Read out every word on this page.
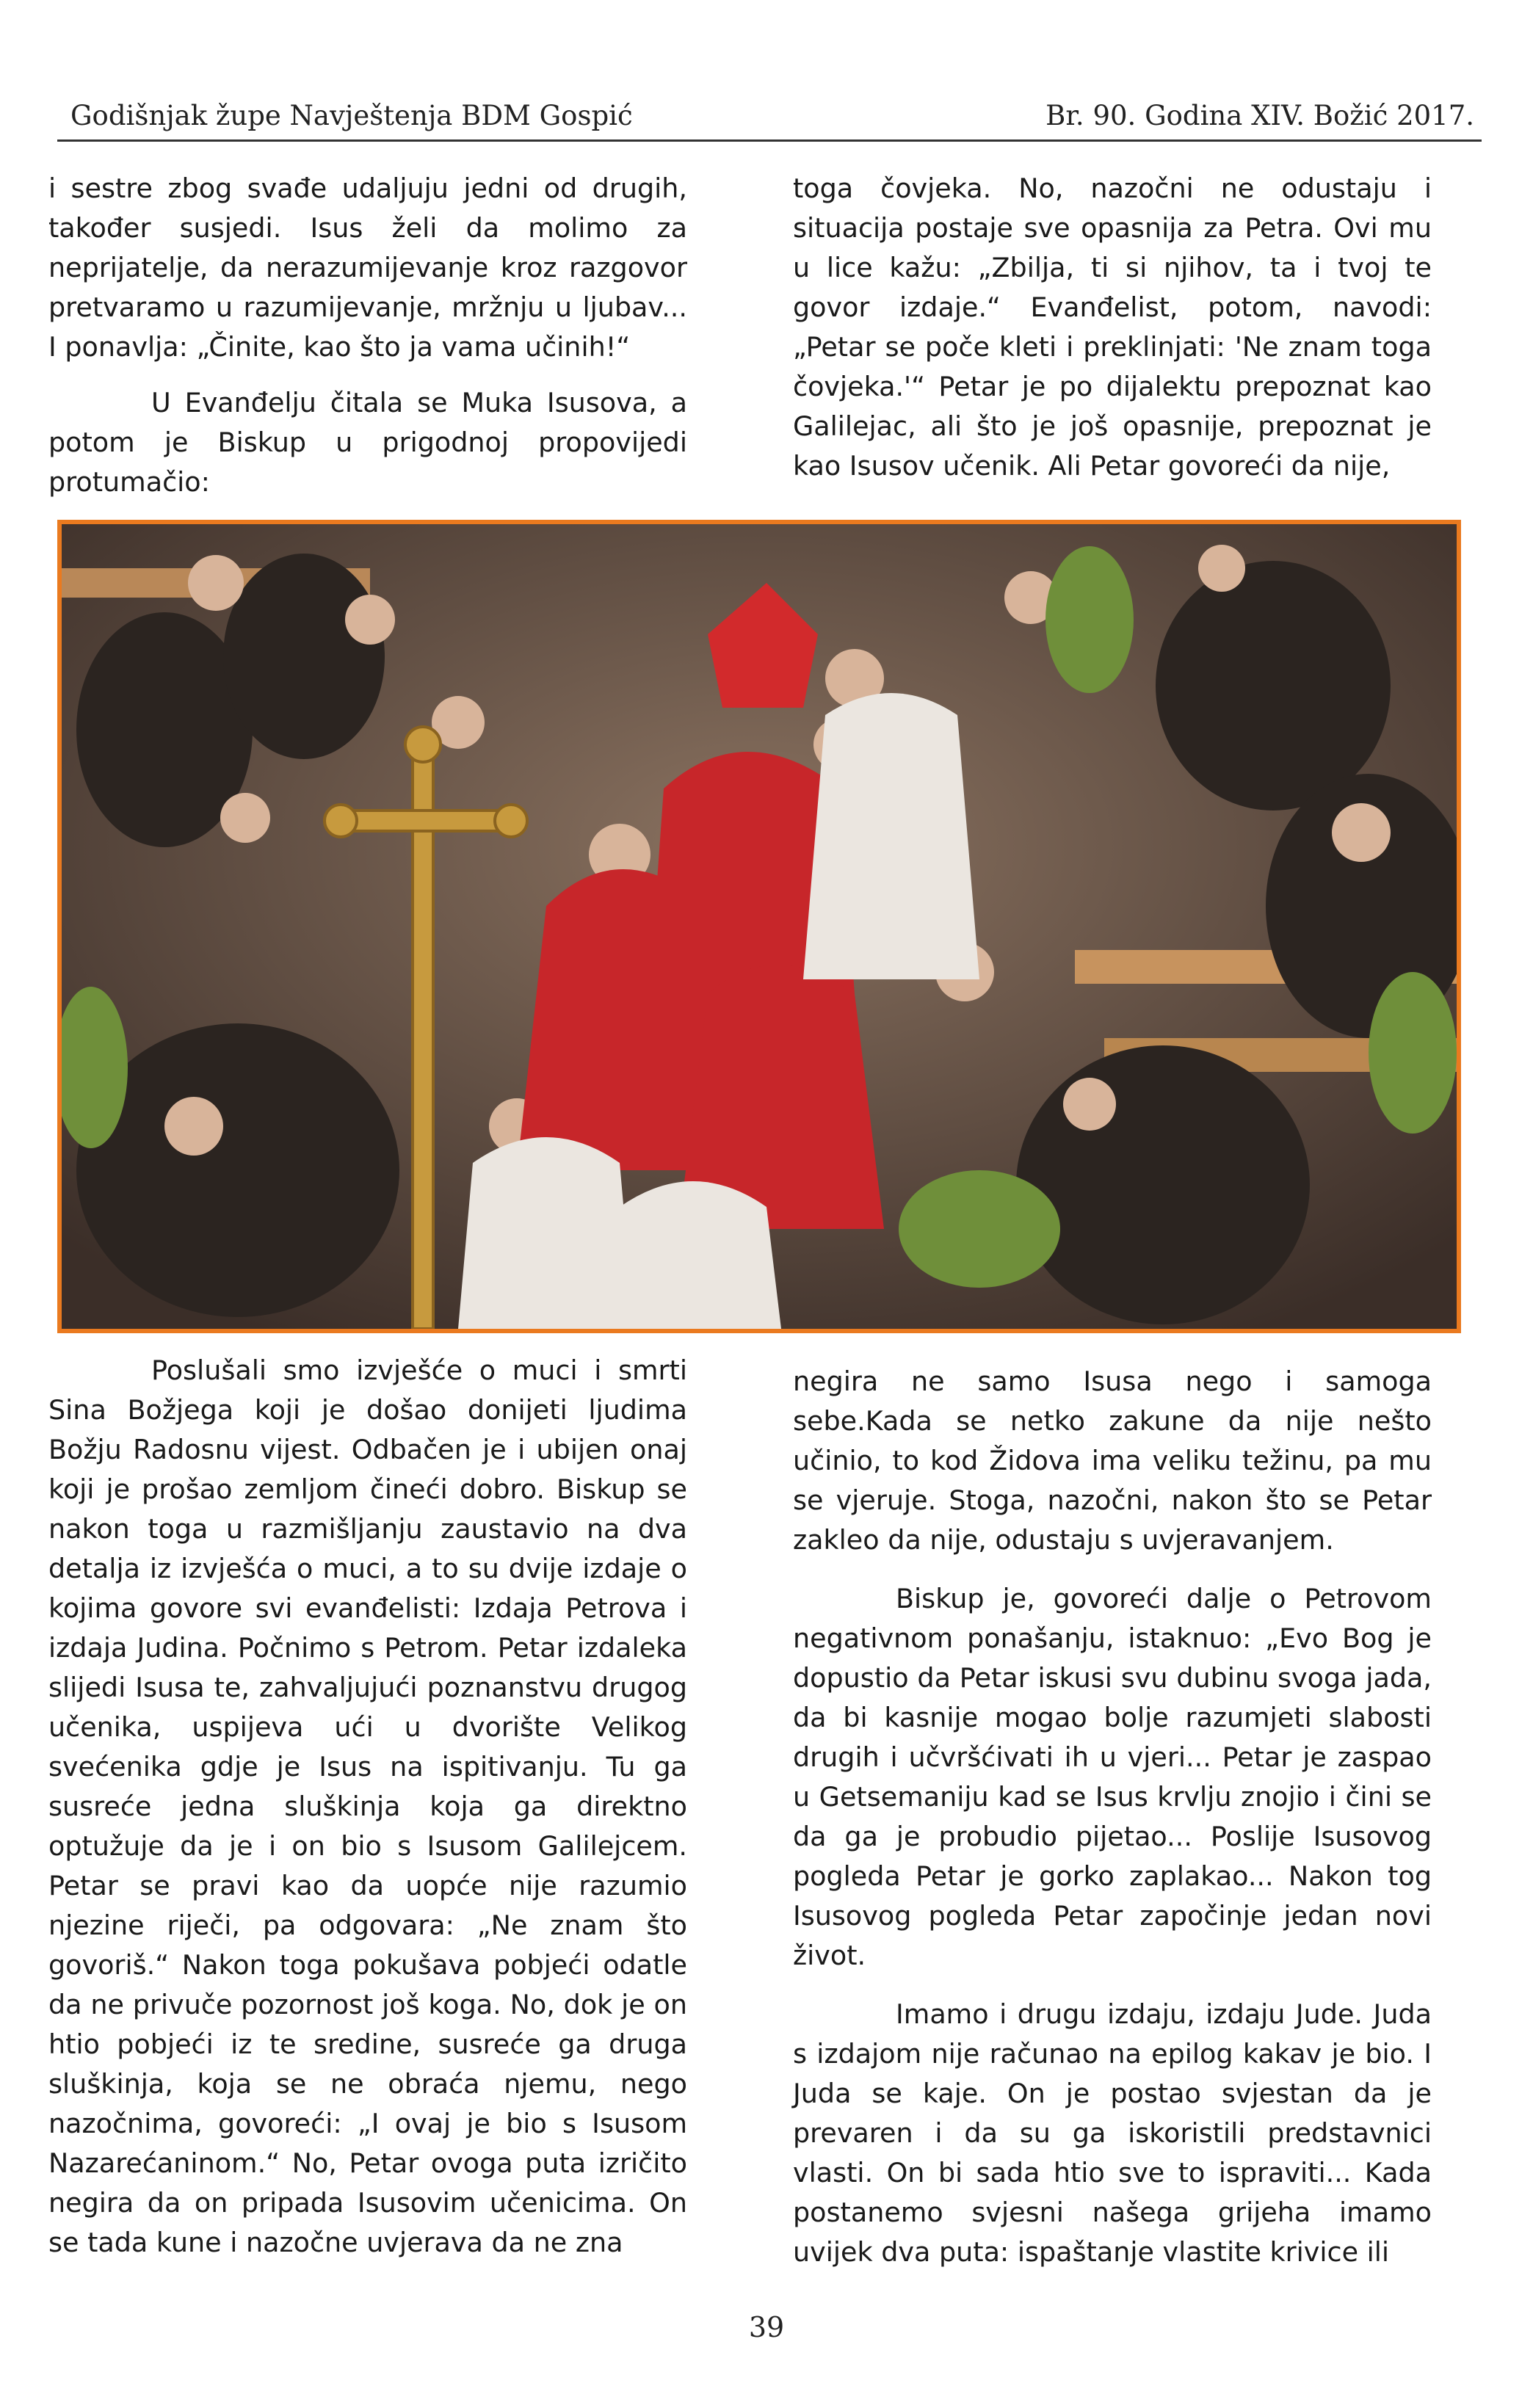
Godišnjak župe Navještenja BDM Gospić	Br. 90. Godina XIV. Božić 2017.

i sestre zbog svađe udaljuju jedni od drugih, također susjedi. Isus želi da molimo za neprijatelje, da nerazumijevanje kroz razgovor pretvaramo u razumijevanje, mržnju u ljubav... I ponavlja: „Činite, kao što ja vama učinih!“

U Evanđelju čitala se Muka Isusova, a potom je Biskup u prigodnoj propovijedi protumačio:

toga čovjeka. No, nazočni ne odustaju i situacija postaje sve opasnija za Petra. Ovi mu u lice kažu: „Zbilja, ti si njihov, ta i tvoj te govor izdaje.“ Evanđelist, potom, navodi: „Petar se poče kleti i preklinjati: 'Ne znam toga čovjeka.'“ Petar je po dijalektu prepoznat kao Galilejac, ali što je još opasnije, prepoznat je kao Isusov učenik. Ali Petar govoreći da nije,

Poslušali smo izvješće o muci i smrti Sina Božjega koji je došao donijeti ljudima Božju Radosnu vijest. Odbačen je i ubijen onaj koji je prošao zemljom čineći dobro. Biskup se nakon toga u razmišljanju zaustavio na dva detalja iz izvješća o muci, a to su dvije izdaje o kojima govore svi evanđelisti: Izdaja Petrova i izdaja Judina. Počnimo s Petrom. Petar izdaleka slijedi Isusa te, zahvaljujući poznanstvu drugog učenika, uspijeva ući u dvorište Velikog svećenika gdje je Isus na ispitivanju. Tu ga susreće jedna sluškinja koja ga direktno optužuje da je i on bio s Isusom Galilejcem. Petar se pravi kao da uopće nije razumio njezine riječi, pa odgovara: „Ne znam što govoriš.“ Nakon toga pokušava pobjeći odatle da ne privuče pozornost još koga. No, dok je on htio pobjeći iz te sredine, susreće ga druga sluškinja, koja se ne obraća njemu, nego nazočnima, govoreći: „I ovaj je bio s Isusom Nazarećaninom.“ No, Petar ovoga puta izričito negira da on pripada Isusovim učenicima. On se tada kune i nazočne uvjerava da ne zna

negira ne samo Isusa nego i samoga sebe.Kada se netko zakune da nije nešto učinio, to kod Židova ima veliku težinu, pa mu se vjeruje. Stoga, nazočni, nakon što se Petar zakleo da nije, odustaju s uvjeravanjem.

Biskup je, govoreći dalje o Petrovom negativnom ponašanju, istaknuo: „Evo Bog je dopustio da Petar iskusi svu dubinu svoga jada, da bi kasnije mogao bolje razumjeti slabosti drugih i učvršćivati ih u vjeri... Petar je zaspao u Getsemaniju kad se Isus krvlju znojio i čini se da ga je probudio pijetao... Poslije Isusovog pogleda Petar je gorko zaplakao... Nakon tog Isusovog pogleda Petar započinje jedan novi život.

Imamo i drugu izdaju, izdaju Jude. Juda s izdajom nije računao na epilog kakav je bio. I Juda se kaje. On je postao svjestan da je prevaren i da su ga iskoristili predstavnici vlasti. On bi sada htio sve to ispraviti... Kada postanemo svjesni našega grijeha imamo uvijek dva puta: ispaštanje vlastite krivice ili

39
